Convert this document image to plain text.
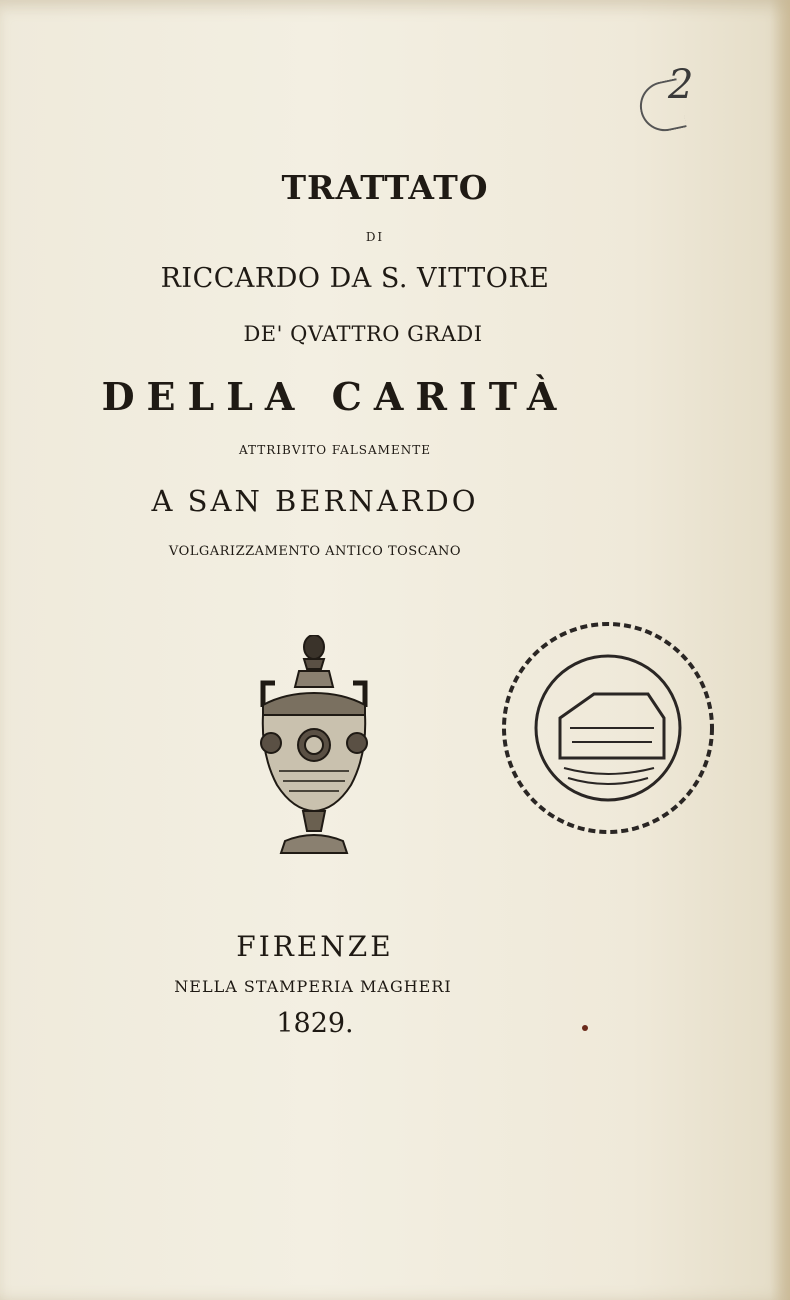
2
TRATTATO
DI
RICCARDO DA S. VITTORE
DE' QVATTRO GRADI
DELLA CARITÀ
ATTRIBVITO FALSAMENTE
A SAN BERNARDO
VOLGARIZZAMENTO ANTICO TOSCANO
FIRENZE
NELLA STAMPERIA MAGHERI
1829.
